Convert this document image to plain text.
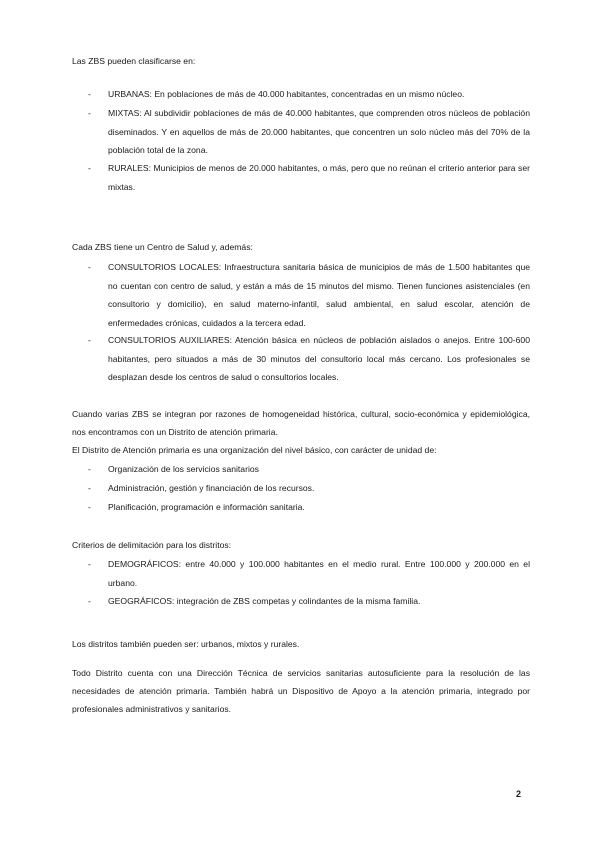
Las ZBS pueden clasificarse en:

-	URBANAS: En poblaciones de más de 40.000 habitantes, concentradas en un mismo núcleo.
-	MIXTAS: Al subdividir poblaciones de más de 40.000 habitantes, que comprenden otros núcleos de población diseminados. Y en aquellos de más de 20.000 habitantes, que concentren un solo núcleo más del 70% de la población total de la zona.
-	RURALES: Municipios de menos de 20.000 habitantes, o más, pero que no reúnan el criterio anterior para ser mixtas.

Cada ZBS tiene un Centro de Salud y, además:

-	CONSULTORIOS LOCALES: Infraestructura sanitaria básica de municipios de más de 1.500 habitantes que no cuentan con centro de salud, y están a más de 15 minutos del mismo. Tienen funciones asistenciales (en consultorio y domicilio), en salud materno-infantil, salud ambiental, en salud escolar, atención de enfermedades crónicas, cuidados a la tercera edad.
-	CONSULTORIOS AUXILIARES: Atención básica en núcleos de población aislados o anejos. Entre 100-600 habitantes, pero situados a más de 30 minutos del consultorio local más cercano. Los profesionales se desplazan desde los centros de salud o consultorios locales.

Cuando varias ZBS se integran por razones de homogeneidad histórica, cultural, socio-económica y epidemiológica, nos encontramos con un Distrito de atención primaria.

El Distrito de Atención primaria es una organización del nivel básico, con carácter de unidad de:

-	Organización de los servicios sanitarios
-	Administración, gestión y financiación de los recursos.
-	Planificación, programación e información sanitaria.

Criterios de delimitación para los distritos:

-	DEMOGRÁFICOS: entre 40.000 y 100.000 habitantes en el medio rural. Entre 100.000 y 200.000 en el urbano.
-	GEOGRÁFICOS: integración de ZBS competas y colindantes de la misma familia.

Los distritos también pueden ser: urbanos, mixtos y rurales.

Todo Distrito cuenta con una Dirección Técnica de servicios sanitarias autosuficiente para la resolución de las necesidades de atención primaria. También habrá un Dispositivo de Apoyo a la atención primaria, integrado por profesionales administrativos y sanitarios.

2
